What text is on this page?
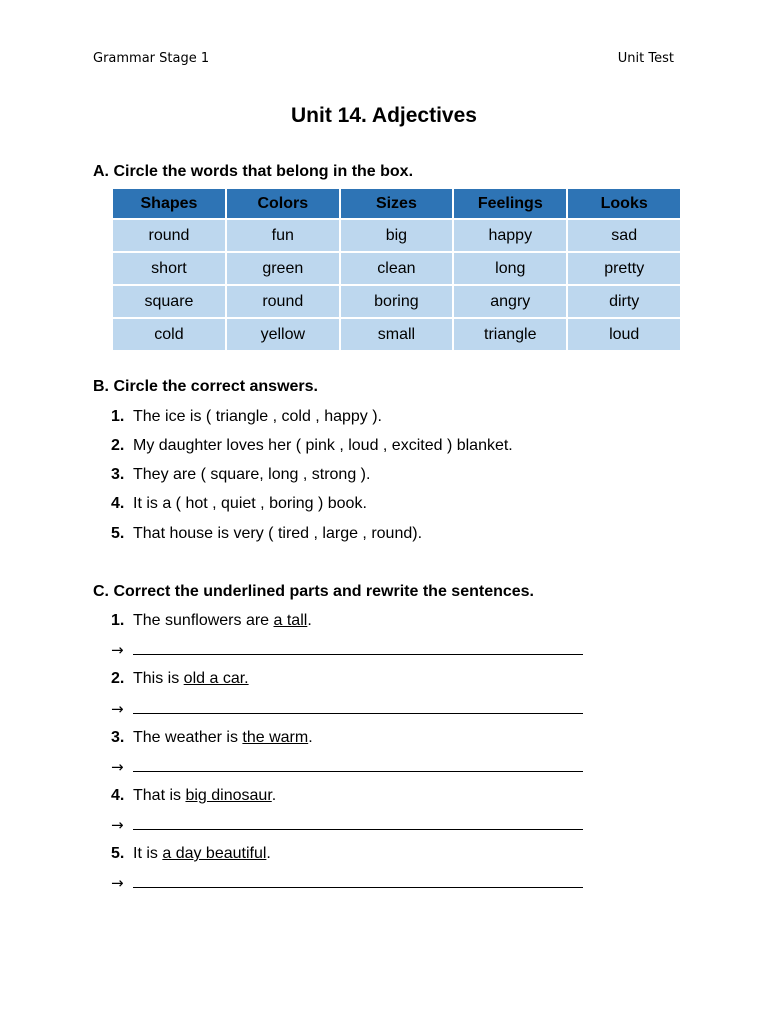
Grammar Stage 1	Unit Test
Unit 14. Adjectives
A. Circle the words that belong in the box.
Shapes	Colors	Sizes	Feelings	Looks
round	fun	big	happy	sad
short	green	clean	long	pretty
square	round	boring	angry	dirty
cold	yellow	small	triangle	loud
B. Circle the correct answers.
1. The ice is ( triangle , cold , happy ).
2. My daughter loves her ( pink , loud , excited ) blanket.
3. They are ( square, long , strong ).
4. It is a ( hot , quiet , boring ) book.
5. That house is very ( tired , large , round).
C. Correct the underlined parts and rewrite the sentences.
1. The sunflowers are a tall.
→
2. This is old a car.
→
3. The weather is the warm.
→
4. That is big dinosaur.
→
5. It is a day beautiful.
→
